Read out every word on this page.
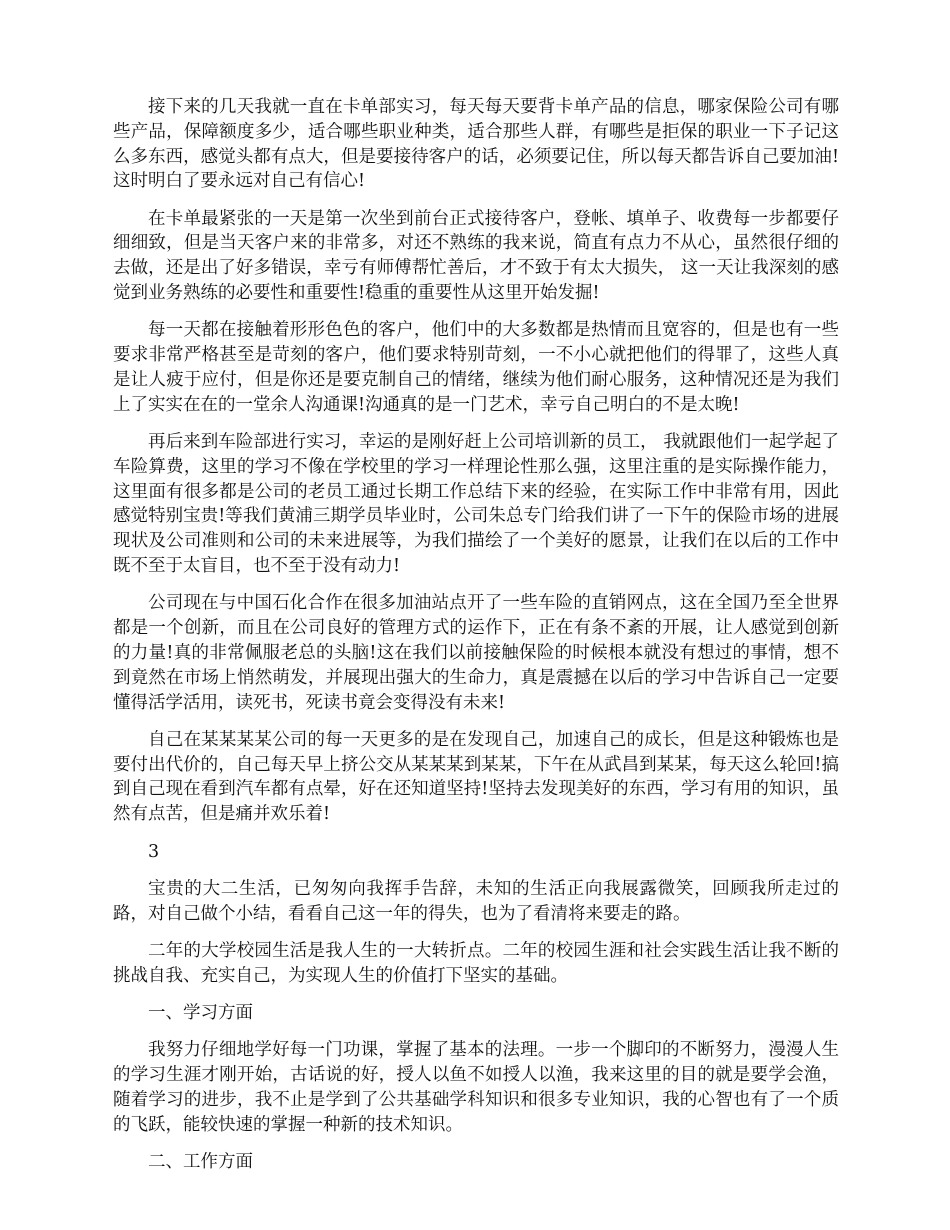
接下来的几天我就一直在卡单部实习，每天每天要背卡单产品的信息，哪家保险公司有哪些产品，保障额度多少，适合哪些职业种类，适合那些人群，有哪些是拒保的职业一下子记这么多东西，感觉头都有点大，但是要接待客户的话，必须要记住，所以每天都告诉自己要加油!这时明白了要永远对自己有信心!

在卡单最紧张的一天是第一次坐到前台正式接待客户，登帐、填单子、收费每一步都要仔细细致，但是当天客户来的非常多，对还不熟练的我来说，简直有点力不从心，虽然很仔细的去做，还是出了好多错误，幸亏有师傅帮忙善后，才不致于有太大损失， 这一天让我深刻的感觉到业务熟练的必要性和重要性!稳重的重要性从这里开始发掘!

每一天都在接触着形形色色的客户，他们中的大多数都是热情而且宽容的，但是也有一些要求非常严格甚至是苛刻的客户，他们要求特别苛刻，一不小心就把他们的得罪了，这些人真是让人疲于应付，但是你还是要克制自己的情绪，继续为他们耐心服务，这种情况还是为我们上了实实在在的一堂余人沟通课!沟通真的是一门艺术，幸亏自己明白的不是太晚!

再后来到车险部进行实习，幸运的是刚好赶上公司培训新的员工， 我就跟他们一起学起了车险算费，这里的学习不像在学校里的学习一样理论性那么强，这里注重的是实际操作能力，这里面有很多都是公司的老员工通过长期工作总结下来的经验，在实际工作中非常有用，因此感觉特别宝贵!等我们黄浦三期学员毕业时，公司朱总专门给我们讲了一下午的保险市场的进展现状及公司准则和公司的未来进展等，为我们描绘了一个美好的愿景，让我们在以后的工作中既不至于太盲目，也不至于没有动力!

公司现在与中国石化合作在很多加油站点开了一些车险的直销网点，这在全国乃至全世界都是一个创新，而且在公司良好的管理方式的运作下，正在有条不紊的开展，让人感觉到创新的力量!真的非常佩服老总的头脑!这在我们以前接触保险的时候根本就没有想过的事情，想不到竟然在市场上悄然萌发，并展现出强大的生命力，真是震撼在以后的学习中告诉自己一定要懂得活学活用，读死书，死读书竟会变得没有未来!

自己在某某某某公司的每一天更多的是在发现自己，加速自己的成长，但是这种锻炼也是要付出代价的，自己每天早上挤公交从某某某到某某，下午在从武昌到某某，每天这么轮回!搞到自己现在看到汽车都有点晕，好在还知道坚持!坚持去发现美好的东西，学习有用的知识，虽然有点苦，但是痛并欢乐着!

3

宝贵的大二生活，已匆匆向我挥手告辞，未知的生活正向我展露微笑，回顾我所走过的路，对自己做个小结，看看自己这一年的得失，也为了看清将来要走的路。

二年的大学校园生活是我人生的一大转折点。二年的校园生涯和社会实践生活让我不断的挑战自我、充实自己，为实现人生的价值打下坚实的基础。

一、学习方面

我努力仔细地学好每一门功课，掌握了基本的法理。一步一个脚印的不断努力，漫漫人生的学习生涯才刚开始，古话说的好，授人以鱼不如授人以渔，我来这里的目的就是要学会渔，随着学习的进步，我不止是学到了公共基础学科知识和很多专业知识，我的心智也有了一个质的飞跃，能较快速的掌握一种新的技术知识。

二、工作方面
